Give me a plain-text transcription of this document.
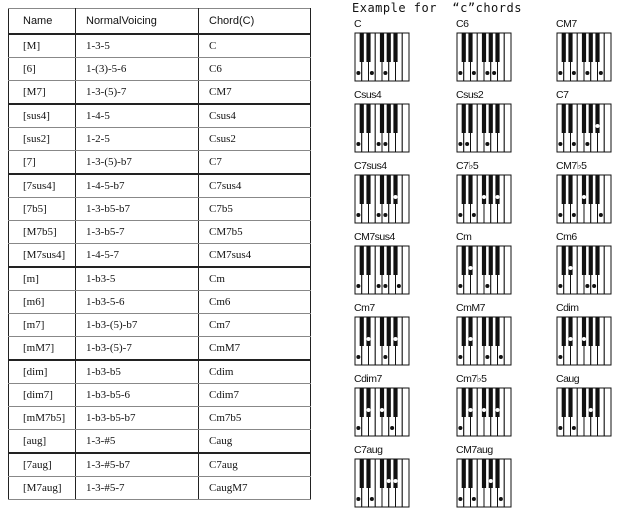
Name	NormalVoicing	Chord(C)
[M]	1-3-5	C
[6]	1-(3)-5-6	C6
[M7]	1-3-(5)-7	CM7
[sus4]	1-4-5	Csus4
[sus2]	1-2-5	Csus2
[7]	1-3-(5)-b7	C7
[7sus4]	1-4-5-b7	C7sus4
[7b5]	1-3-b5-b7	C7b5
[M7b5]	1-3-b5-7	CM7b5
[M7sus4]	1-4-5-7	CM7sus4
[m]	1-b3-5	Cm
[m6]	1-b3-5-6	Cm6
[m7]	1-b3-(5)-b7	Cm7
[mM7]	1-b3-(5)-7	CmM7
[dim]	1-b3-b5	Cdim
[dim7]	1-b3-b5-6	Cdim7
[mM7b5]	1-b3-b5-b7	Cm7b5
[aug]	1-3-#5	Caug
[7aug]	1-3-#5-b7	C7aug
[M7aug]	1-3-#5-7	CaugM7
Example for  “c”chords
C	C6	CM7
Csus4	Csus2	C7
C7sus4	C7♭5	CM7♭5
CM7sus4	Cm	Cm6
Cm7	CmM7	Cdim
Cdim7	Cm7♭5	Caug
C7aug	CM7aug
